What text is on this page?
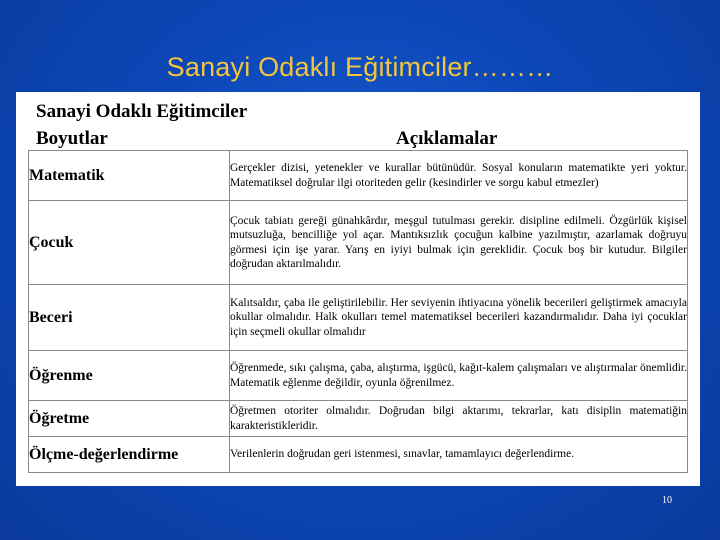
Sanayi Odaklı Eğitimciler………
Sanayi Odaklı Eğitimciler
Boyutlar	Açıklamalar
Matematik	Gerçekler dizisi, yetenekler ve kurallar bütünüdür. Sosyal konuların matematikte yeri yoktur. Matematiksel doğrular ilgi otoriteden gelir (kesindirler ve sorgu kabul etmezler)
Çocuk	Çocuk tabiatı gereği günahkârdır, meşgul tutulması gerekir. disipline edilmeli. Özgürlük kişisel mutsuzluğa, bencilliğe yol açar. Mantıksızlık çocuğun kalbine yazılmıştır, azarlamak doğruyu görmesi için işe yarar. Yarış en iyiyi bulmak için gereklidir. Çocuk boş bir kutudur. Bilgiler doğrudan aktarılmalıdır.
Beceri	Kalıtsaldır, çaba ile geliştirilebilir. Her seviyenin ihtiyacına yönelik becerileri geliştirmek amacıyla okullar olmalıdır. Halk okulları temel matematiksel becerileri kazandırmalıdır. Daha iyi çocuklar için seçmeli okullar olmalıdır
Öğrenme	Öğrenmede, sıkı çalışma, çaba, alıştırma, işgücü, kağıt-kalem çalışmaları ve alıştırmalar önemlidir. Matematik eğlenme değildir, oyunla öğrenilmez.
Öğretme	Öğretmen otoriter olmalıdır. Doğrudan bilgi aktarımı, tekrarlar, katı disiplin matematiğin karakteristikleridir.
Ölçme-değerlendirme	Verilenlerin doğrudan geri istenmesi, sınavlar, tamamlayıcı değerlendirme.
10
